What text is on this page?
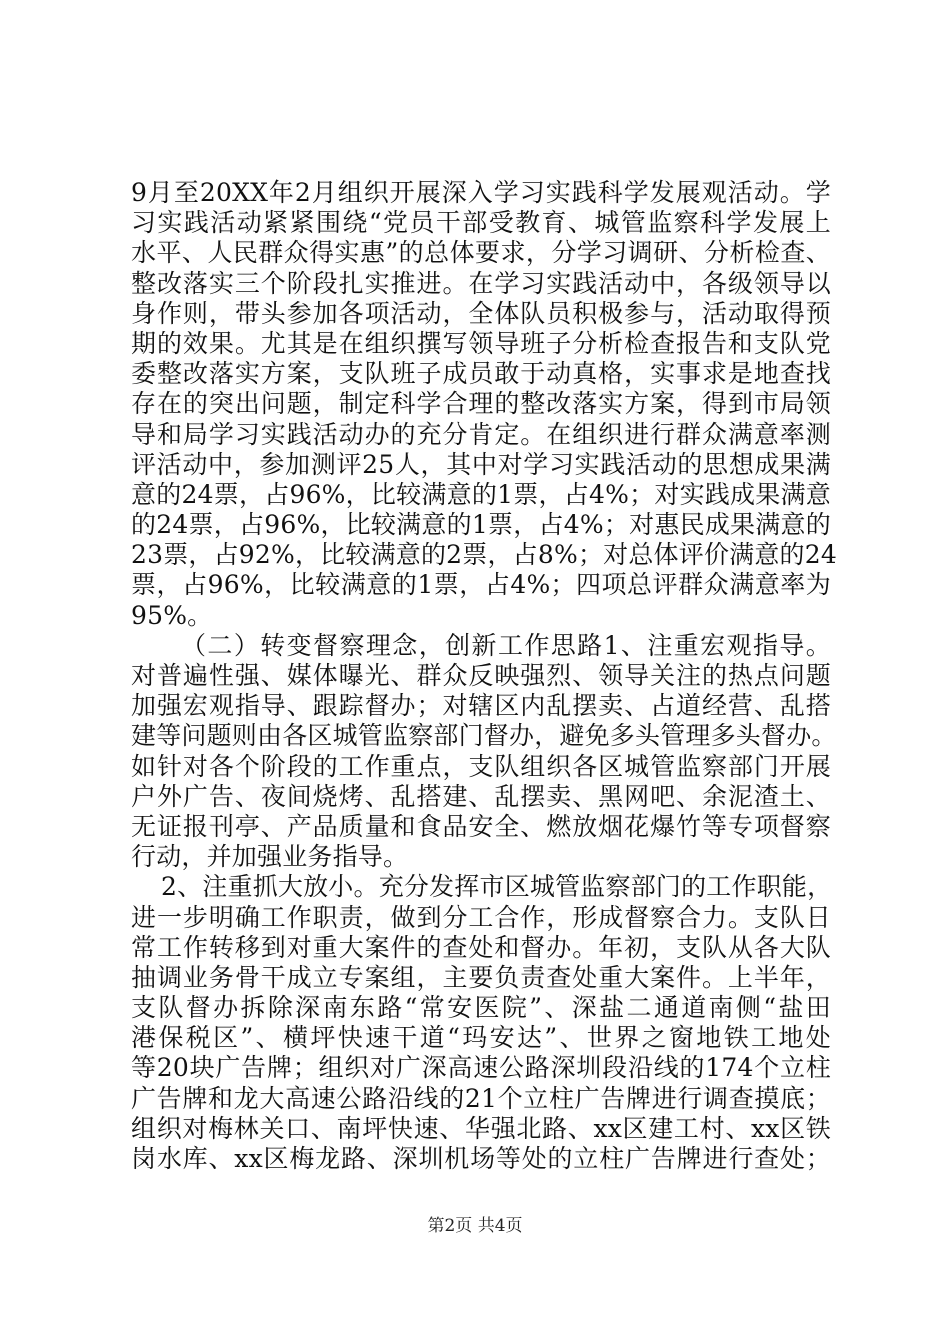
9月至20XX年2月组织开展深入学习实践科学发展观活动。学
习实践活动紧紧围绕“党员干部受教育、城管监察科学发展上
水平、人民群众得实惠”的总体要求，分学习调研、分析检查、
整改落实三个阶段扎实推进。在学习实践活动中，各级领导以
身作则，带头参加各项活动，全体队员积极参与，活动取得预
期的效果。尤其是在组织撰写领导班子分析检查报告和支队党
委整改落实方案，支队班子成员敢于动真格，实事求是地查找
存在的突出问题，制定科学合理的整改落实方案，得到市局领
导和局学习实践活动办的充分肯定。在组织进行群众满意率测
评活动中，参加测评25人，其中对学习实践活动的思想成果满
意的24票，占96%，比较满意的1票，占4%；对实践成果满意
的24票，占96%，比较满意的1票，占4%；对惠民成果满意的
23票，占92%，比较满意的2票，占8%；对总体评价满意的24
票，占96%，比较满意的1票，占4%；四项总评群众满意率为
95%。
（二）转变督察理念，创新工作思路1、注重宏观指导。
对普遍性强、媒体曝光、群众反映强烈、领导关注的热点问题
加强宏观指导、跟踪督办；对辖区内乱摆卖、占道经营、乱搭
建等问题则由各区城管监察部门督办，避免多头管理多头督办。
如针对各个阶段的工作重点，支队组织各区城管监察部门开展
户外广告、夜间烧烤、乱搭建、乱摆卖、黑网吧、余泥渣土、
无证报刊亭、产品质量和食品安全、燃放烟花爆竹等专项督察
行动，并加强业务指导。
2、注重抓大放小。充分发挥市区城管监察部门的工作职能，
进一步明确工作职责，做到分工合作，形成督察合力。支队日
常工作转移到对重大案件的查处和督办。年初，支队从各大队
抽调业务骨干成立专案组，主要负责查处重大案件。上半年，
支队督办拆除深南东路“常安医院”、深盐二通道南侧“盐田
港保税区”、横坪快速干道“玛安达”、世界之窗地铁工地处
等20块广告牌；组织对广深高速公路深圳段沿线的174个立柱
广告牌和龙大高速公路沿线的21个立柱广告牌进行调查摸底；
组织对梅林关口、南坪快速、华强北路、xx区建工村、xx区铁
岗水库、xx区梅龙路、深圳机场等处的立柱广告牌进行查处；
第2页 共4页
